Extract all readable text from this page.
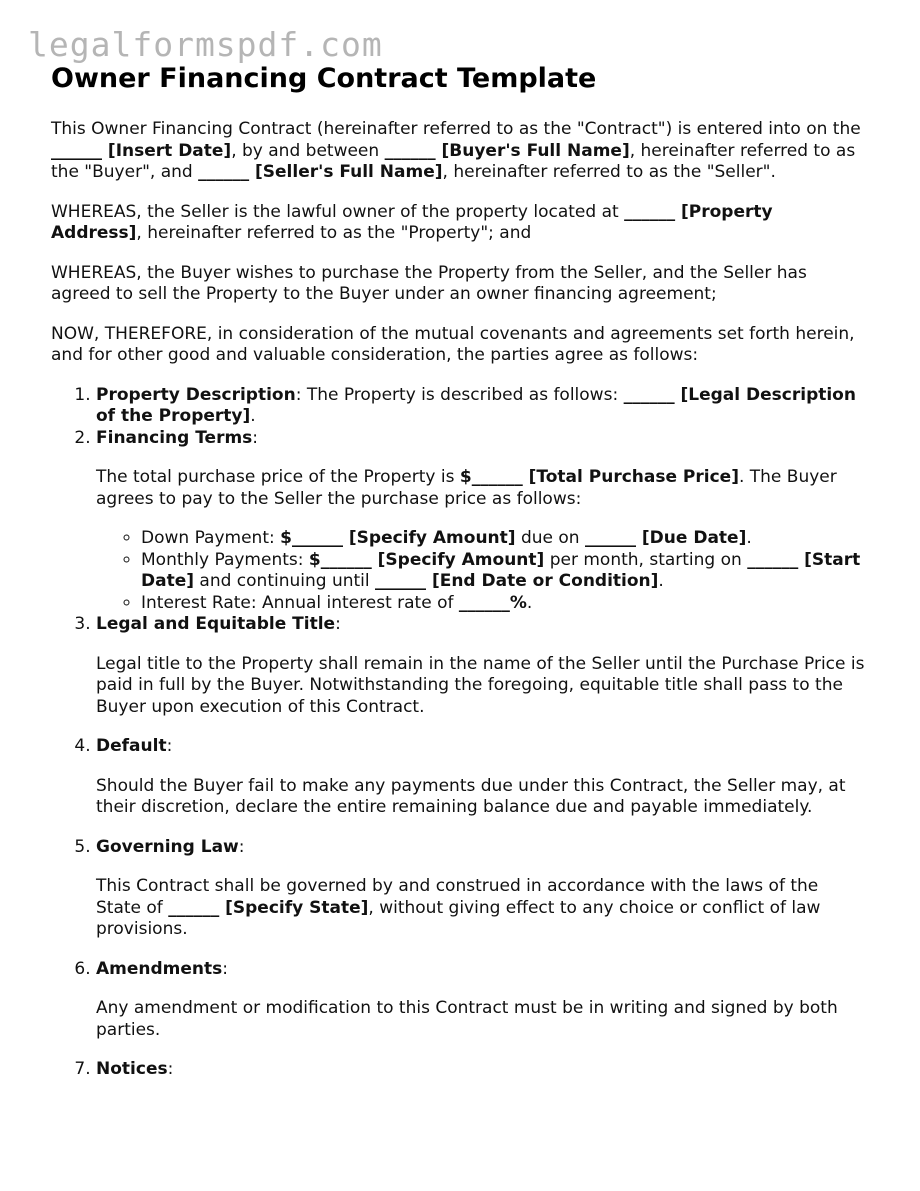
legalformspdf.com
Owner Financing Contract Template

This Owner Financing Contract (hereinafter referred to as the "Contract") is entered into on the ______ [Insert Date], by and between ______ [Buyer's Full Name], hereinafter referred to as the "Buyer", and ______ [Seller's Full Name], hereinafter referred to as the "Seller".

WHEREAS, the Seller is the lawful owner of the property located at ______ [Property Address], hereinafter referred to as the "Property"; and

WHEREAS, the Buyer wishes to purchase the Property from the Seller, and the Seller has agreed to sell the Property to the Buyer under an owner financing agreement;

NOW, THEREFORE, in consideration of the mutual covenants and agreements set forth herein, and for other good and valuable consideration, the parties agree as follows:

1. Property Description: The Property is described as follows: ______ [Legal Description of the Property].
2. Financing Terms:

The total purchase price of the Property is $______ [Total Purchase Price]. The Buyer agrees to pay to the Seller the purchase price as follows:

◦ Down Payment: $______ [Specify Amount] due on ______ [Due Date].
◦ Monthly Payments: $______ [Specify Amount] per month, starting on ______ [Start Date] and continuing until ______ [End Date or Condition].
◦ Interest Rate: Annual interest rate of ______%.
3. Legal and Equitable Title:

Legal title to the Property shall remain in the name of the Seller until the Purchase Price is paid in full by the Buyer. Notwithstanding the foregoing, equitable title shall pass to the Buyer upon execution of this Contract.

4. Default:

Should the Buyer fail to make any payments due under this Contract, the Seller may, at their discretion, declare the entire remaining balance due and payable immediately.

5. Governing Law:

This Contract shall be governed by and construed in accordance with the laws of the State of ______ [Specify State], without giving effect to any choice or conflict of law provisions.

6. Amendments:

Any amendment or modification to this Contract must be in writing and signed by both parties.

7. Notices:
